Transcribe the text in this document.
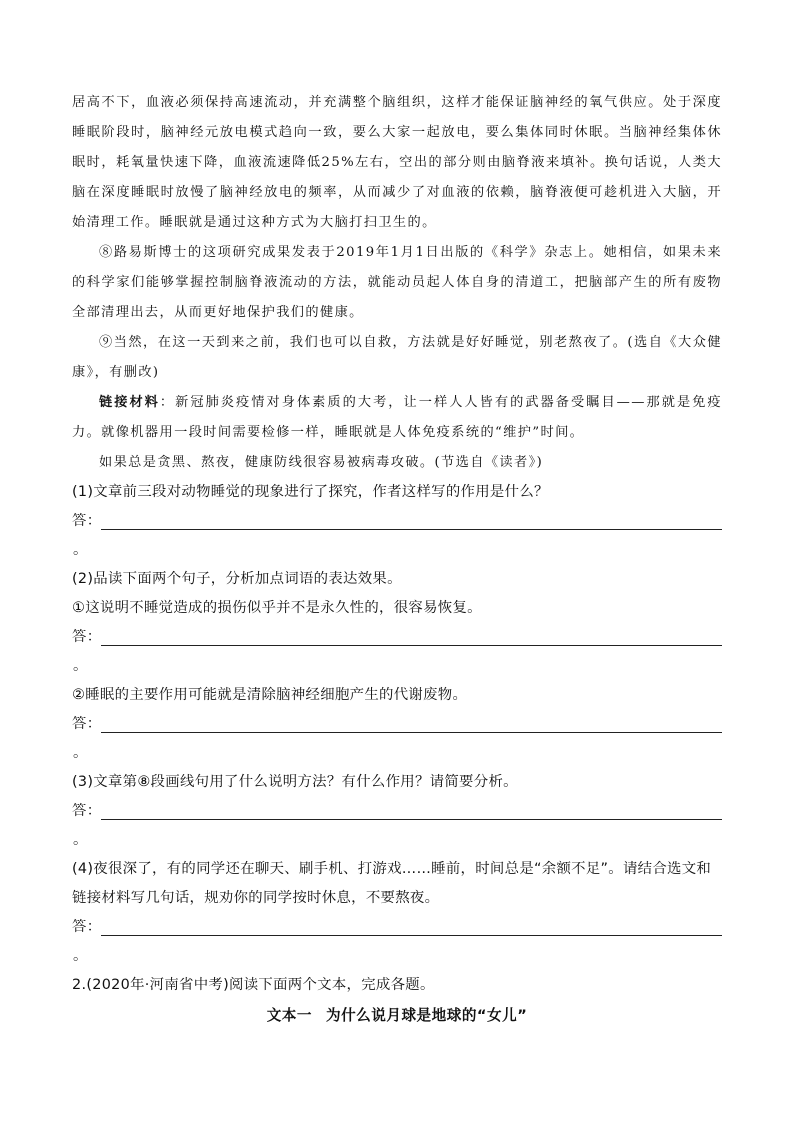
居高不下，血液必须保持高速流动，并充满整个脑组织，这样才能保证脑神经的氧气供应。处于深度睡眠阶段时，脑神经元放电模式趋向一致，要么大家一起放电，要么集体同时休眠。当脑神经集体休眠时，耗氧量快速下降，血液流速降低25%左右，空出的部分则由脑脊液来填补。换句话说，人类大脑在深度睡眠时放慢了脑神经放电的频率，从而减少了对血液的依赖，脑脊液便可趁机进入大脑，开始清理工作。睡眠就是通过这种方式为大脑打扫卫生的。

⑧路易斯博士的这项研究成果发表于2019年1月1日出版的《科学》杂志上。她相信，如果未来的科学家们能够掌握控制脑脊液流动的方法，就能动员起人体自身的清道工，把脑部产生的所有废物全部清理出去，从而更好地保护我们的健康。

⑨当然，在这一天到来之前，我们也可以自救，方法就是好好睡觉，别老熬夜了。(选自《大众健康》，有删改)

链接材料：新冠肺炎疫情对身体素质的大考，让一样人人皆有的武器备受瞩目——那就是免疫力。就像机器用一段时间需要检修一样，睡眠就是人体免疫系统的“维护”时间。

如果总是贪黑、熬夜，健康防线很容易被病毒攻破。(节选自《读者》)

(1)文章前三段对动物睡觉的现象进行了探究，作者这样写的作用是什么？

答：
。

(2)品读下面两个句子，分析加点词语的表达效果。

①这说明不睡觉造成的损伤似乎并不是永久性的，很容易恢复。

答：
。

②睡眠的主要作用可能就是清除脑神经细胞产生的代谢废物。

答：
。

(3)文章第⑧段画线句用了什么说明方法？有什么作用？请简要分析。

答：
。

(4)夜很深了，有的同学还在聊天、刷手机、打游戏……睡前，时间总是“余额不足”。请结合选文和链接材料写几句话，规劝你的同学按时休息，不要熬夜。

答：
。

2.(2020年·河南省中考)阅读下面两个文本，完成各题。

文本一 为什么说月球是地球的“女儿”
